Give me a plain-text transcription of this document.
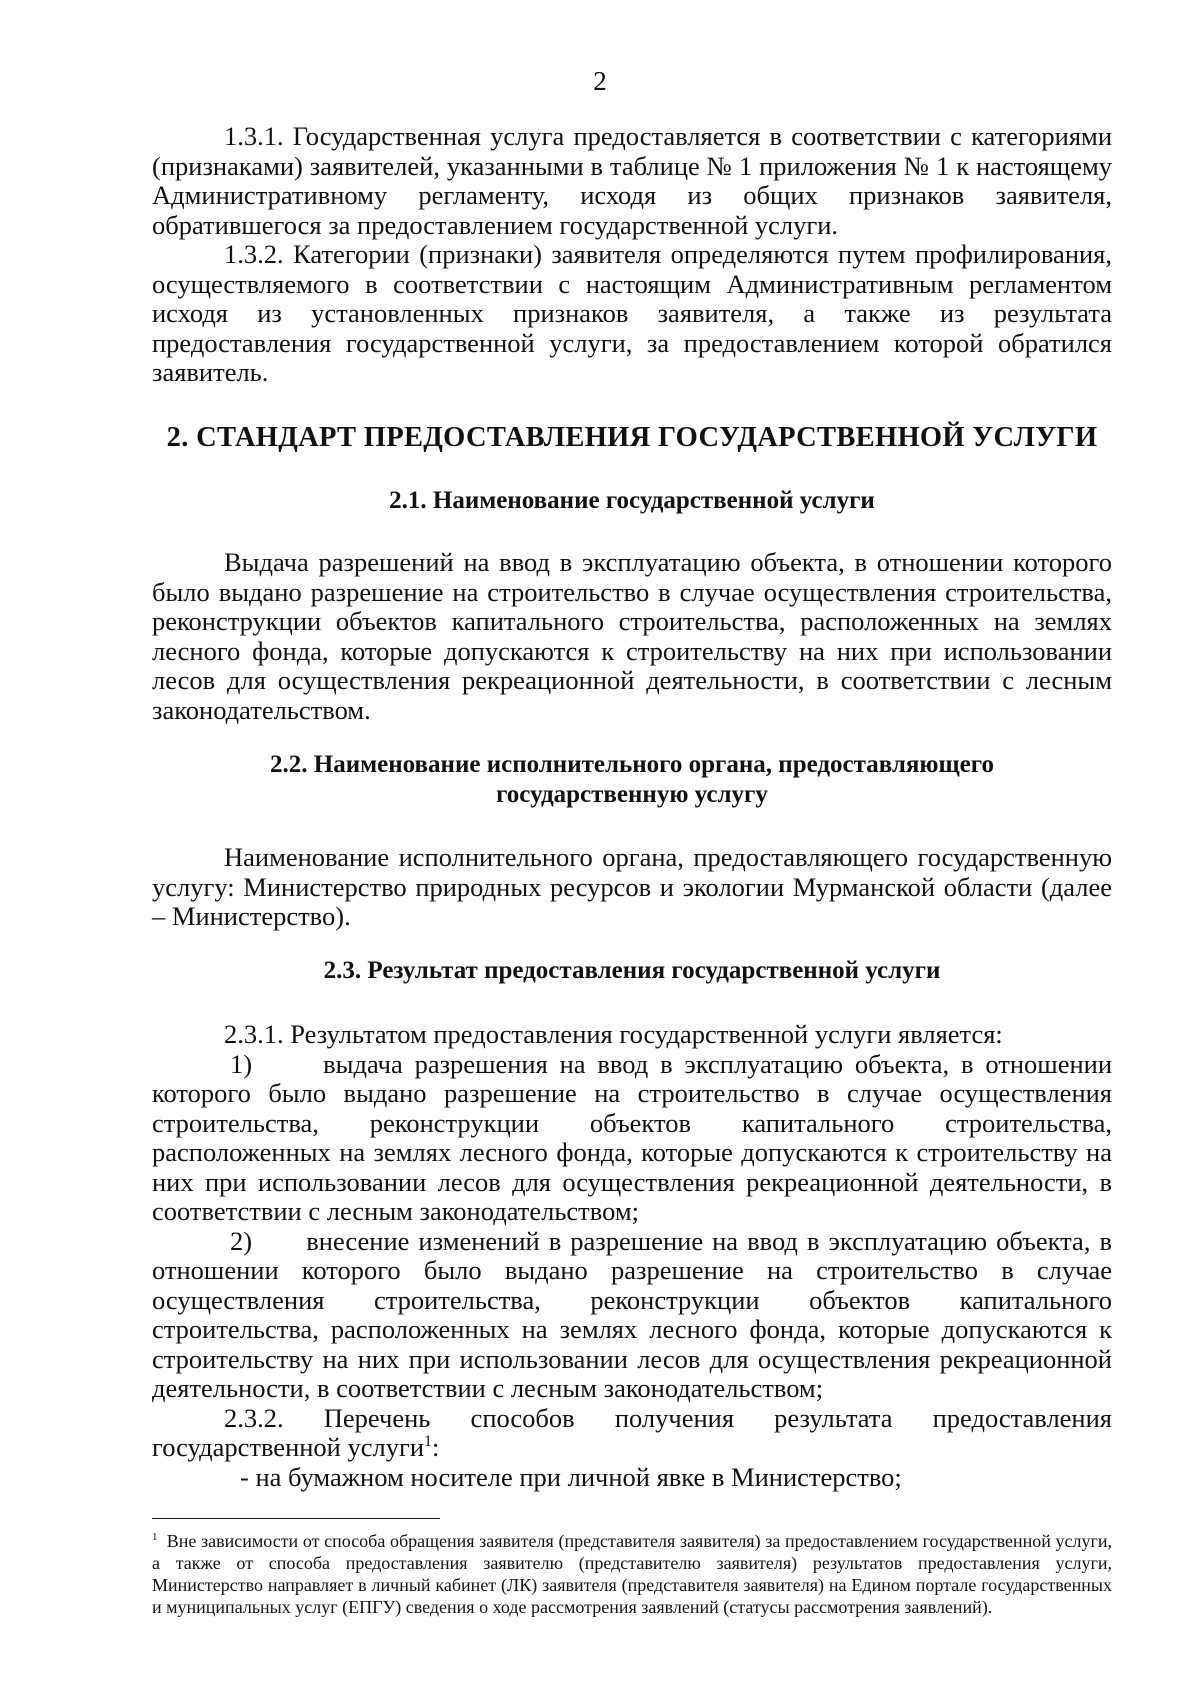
2

1.3.1. Государственная услуга предоставляется в соответствии с категориями (признаками) заявителей, указанными в таблице № 1 приложения № 1 к настоящему Административному регламенту, исходя из общих признаков заявителя, обратившегося за предоставлением государственной услуги.

1.3.2. Категории (признаки) заявителя определяются путем профилирования, осуществляемого в соответствии с настоящим Административным регламентом исходя из установленных признаков заявителя, а также из результата предоставления государственной услуги, за предоставлением которой обратился заявитель.

2. СТАНДАРТ ПРЕДОСТАВЛЕНИЯ ГОСУДАРСТВЕННОЙ УСЛУГИ
2.1. Наименование государственной услуги

Выдача разрешений на ввод в эксплуатацию объекта, в отношении которого было выдано разрешение на строительство в случае осуществления строительства, реконструкции объектов капитального строительства, расположенных на землях лесного фонда, которые допускаются к строительству на них при использовании лесов для осуществления рекреационной деятельности, в соответствии с лесным законодательством.

2.2. Наименование исполнительного органа, предоставляющего
государственную услугу

Наименование исполнительного органа, предоставляющего государственную услугу: Министерство природных ресурсов и экологии Мурманской области (далее – Министерство).

2.3. Результат предоставления государственной услуги

2.3.1. Результатом предоставления государственной услуги является:

1)	выдача разрешения на ввод в эксплуатацию объекта, в отношении которого было выдано разрешение на строительство в случае осуществления строительства, реконструкции объектов капитального строительства, расположенных на землях лесного фонда, которые допускаются к строительству на них при использовании лесов для осуществления рекреационной деятельности, в соответствии с лесным законодательством;

2) внесение изменений в разрешение на ввод в эксплуатацию объекта, в отношении которого было выдано разрешение на строительство в случае осуществления строительства, реконструкции объектов капитального строительства, расположенных на землях лесного фонда, которые допускаются к строительству на них при использовании лесов для осуществления рекреационной деятельности, в соответствии с лесным законодательством;

2.3.2. Перечень способов получения результата предоставления государственной услуги$^1$:

- на бумажном носителе при личной явке в Министерство;

$^1$ Вне зависимости от способа обращения заявителя (представителя заявителя) за предоставлением государственной услуги, а также от способа предоставления заявителю (представителю заявителя) результатов предоставления услуги, Министерство направляет в личный кабинет (ЛК) заявителя (представителя заявителя) на Едином портале государственных и муниципальных услуг (ЕПГУ) сведения о ходе рассмотрения заявлений (статусы рассмотрения заявлений).
